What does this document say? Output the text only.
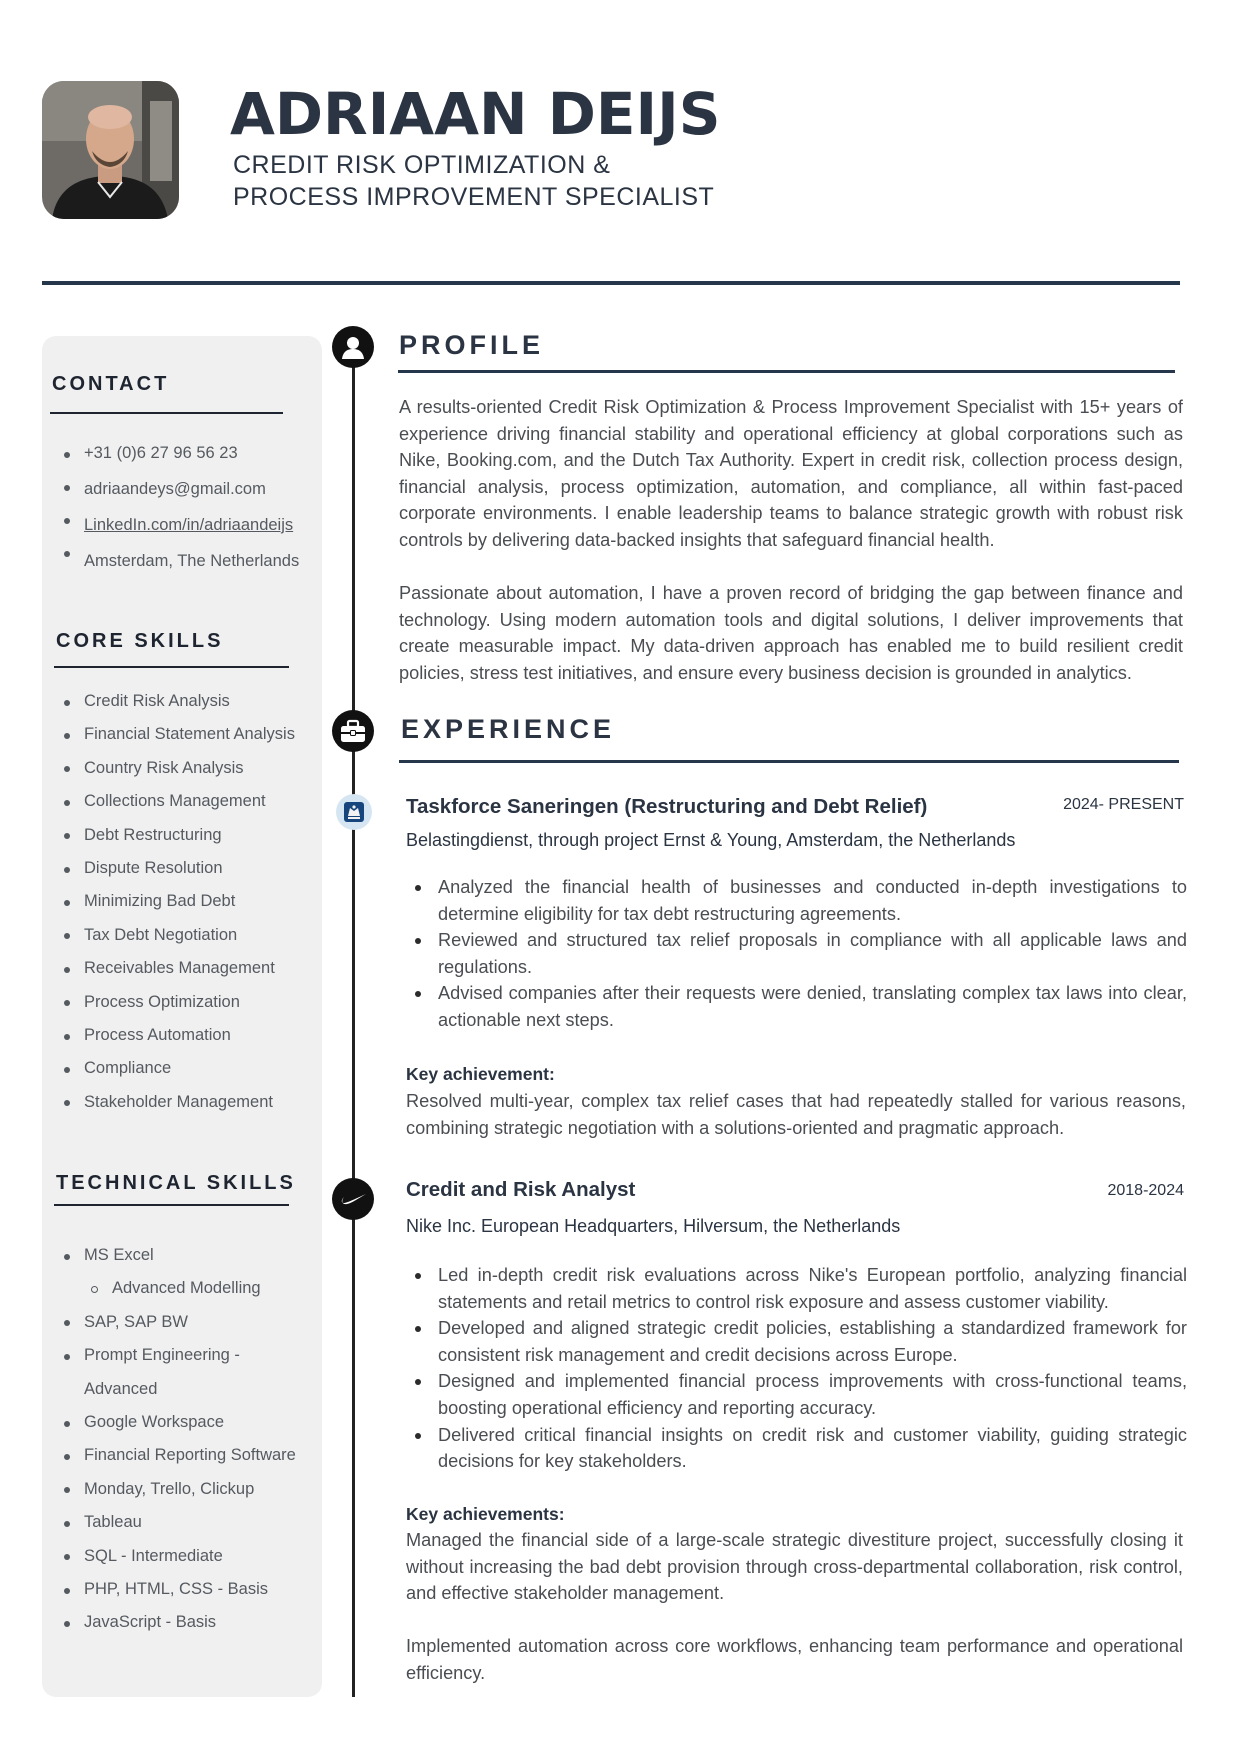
ADRIAAN DEIJS
CREDIT RISK OPTIMIZATION &
PROCESS IMPROVEMENT SPECIALIST
CONTACT
+31 (0)6 27 96 56 23
adriaandeys@gmail.com
LinkedIn.com/in/adriaandeijs
Amsterdam, The Netherlands
CORE SKILLS
Credit Risk Analysis
Financial Statement Analysis
Country Risk Analysis
Collections Management
Debt Restructuring
Dispute Resolution
Minimizing Bad Debt
Tax Debt Negotiation
Receivables Management
Process Optimization
Process Automation
Compliance
Stakeholder Management
TECHNICAL SKILLS
MS Excel
Advanced Modelling
SAP, SAP BW
Prompt Engineering -
Advanced
Google Workspace
Financial Reporting Software
Monday, Trello, Clickup
Tableau
SQL - Intermediate
PHP, HTML, CSS - Basis
JavaScript - Basis
PROFILE
A results-oriented Credit Risk Optimization & Process Improvement Specialist with 15+ years of experience driving financial stability and operational efficiency at global corporations such as Nike, Booking.com, and the Dutch Tax Authority. Expert in credit risk, collection process design, financial analysis, process optimization, automation, and compliance, all within fast-paced corporate environments. I enable leadership teams to balance strategic growth with robust risk controls by delivering data-backed insights that safeguard financial health.
Passionate about automation, I have a proven record of bridging the gap between finance and technology. Using modern automation tools and digital solutions, I deliver improvements that create measurable impact. My data-driven approach has enabled me to build resilient credit policies, stress test initiatives, and ensure every business decision is grounded in analytics.
EXPERIENCE
Taskforce Saneringen (Restructuring and Debt Relief)	2024- PRESENT
Belastingdienst, through project Ernst & Young, Amsterdam, the Netherlands
Analyzed the financial health of businesses and conducted in-depth investigations to determine eligibility for tax debt restructuring agreements.
Reviewed and structured tax relief proposals in compliance with all applicable laws and regulations.
Advised companies after their requests were denied, translating complex tax laws into clear, actionable next steps.
Key achievement:
Resolved multi-year, complex tax relief cases that had repeatedly stalled for various reasons, combining strategic negotiation with a solutions-oriented and pragmatic approach.
Credit and Risk Analyst	2018-2024
Nike Inc. European Headquarters, Hilversum, the Netherlands
Led in-depth credit risk evaluations across Nike's European portfolio, analyzing financial statements and retail metrics to control risk exposure and assess customer viability.
Developed and aligned strategic credit policies, establishing a standardized framework for consistent risk management and credit decisions across Europe.
Designed and implemented financial process improvements with cross-functional teams, boosting operational efficiency and reporting accuracy.
Delivered critical financial insights on credit risk and customer viability, guiding strategic decisions for key stakeholders.
Key achievements:
Managed the financial side of a large-scale strategic divestiture project, successfully closing it without increasing the bad debt provision through cross-departmental collaboration, risk control, and effective stakeholder management.
Implemented automation across core workflows, enhancing team performance and operational efficiency.
